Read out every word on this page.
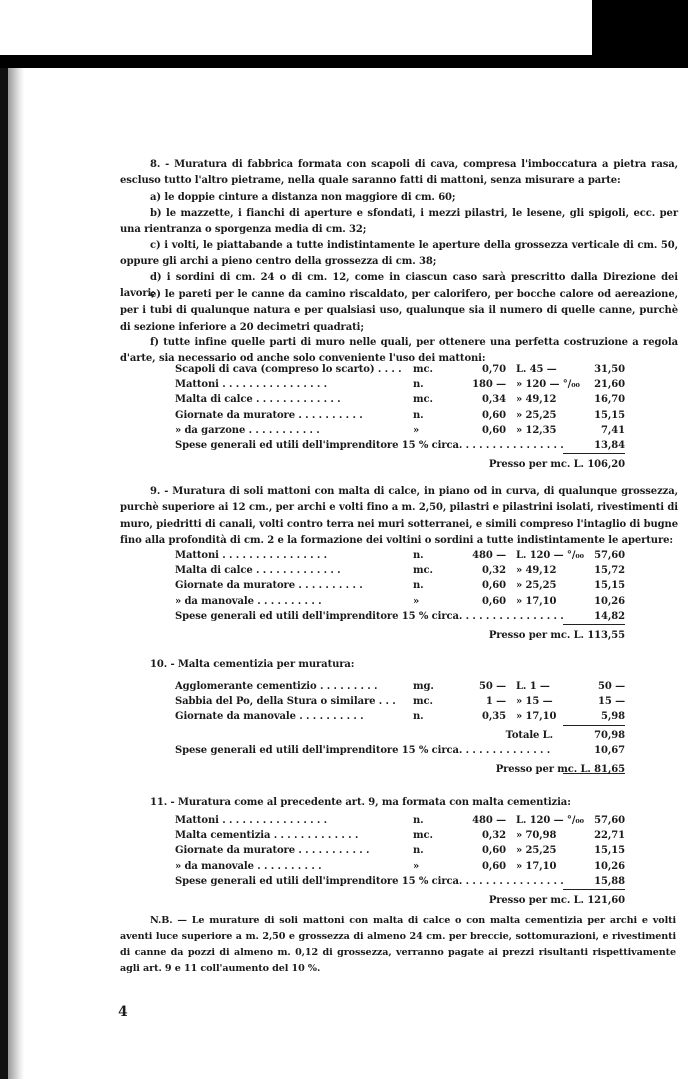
8. - Muratura di fabbrica formata con scapoli di cava, compresa l'imboccatura a pietra rasa, escluso tutto l'altro pietrame, nella quale saranno fatti di mattoni, senza misurare a parte:
a) le doppie cinture a distanza non maggiore di cm. 60;
b) le mazzette, i fianchi di aperture e sfondati, i mezzi pilastri, le lesene, gli spigoli, ecc. per una rientranza o sporgenza media di cm. 32;
c) i volti, le piattabande a tutte indistintamente le aperture della grossezza verticale di cm. 50, oppure gli archi a pieno centro della grossezza di cm. 38;
d) i sordini di cm. 24 o di cm. 12, come in ciascun caso sarà prescritto dalla Direzione dei lavori;
e) le pareti per le canne da camino riscaldato, per calorifero, per bocche calore od aereazione, per i tubi di qualunque natura e per qualsiasi uso, qualunque sia il numero di quelle canne, purchè di sezione inferiore a 20 decimetri quadrati;
f) tutte infine quelle parti di muro nelle quali, per ottenere una perfetta costruzione a regola d'arte, sia necessario od anche solo conveniente l'uso dei mattoni:
Scapoli di cava (compreso lo scarto) . . . . mc.	0,70 L. 45 —	31,50
Mattoni . . . . . . . . . . . . . . . .	n.	180 — » 120 — °/₀₀	21,60
Malta di calce . . . . . . . . . . . . .	mc.	0,34 » 49,12	16,70
Giornate da muratore . . . . . . . . . .	n.	0,60 » 25,25	15,15
» da garzone . . . . . . . . . . .	»	0,60 » 12,35	7,41
Spese generali ed utili dell'imprenditore 15 % circa. . . . . . . . . . . . . . . .	13,84
Presso per mc. L. 106,20
9. - Muratura di soli mattoni con malta di calce, in piano od in curva, di qualunque grossezza, purchè superiore ai 12 cm., per archi e volti fino a m. 2,50, pilastri e pilastrini isolati, rivestimenti di muro, piedritti di canali, volti contro terra nei muri sotterranei, e simili compreso l'intaglio di bugne fino alla profondità di cm. 2 e la formazione dei voltini o sordini a tutte indistintamente le aperture:
Mattoni . . . . . . . . . . . . . . . .	n.	480 — L. 120 — °/₀₀	57,60
Malta di calce . . . . . . . . . . . . .	mc.	0,32 » 49,12	15,72
Giornate da muratore . . . . . . . . . .	n.	0,60 » 25,25	15,15
» da manovale . . . . . . . . . .	»	0,60 » 17,10	10,26
Spese generali ed utili dell'imprenditore 15 % circa. . . . . . . . . . . . . . . .	14,82
Presso per mc. L. 113,55
10. - Malta cementizia per muratura:
Agglomerante cementizio . . . . . . . . .	mg.	50 — L. 1 —	50 —
Sabbia del Po, della Stura o similare . . . mc.	1 — » 15 —	15 —
Giornate da manovale . . . . . . . . . .	n.	0,35 » 17,10	5,98
Totale L.	70,98
Spese generali ed utili dell'imprenditore 15 % circa. . . . . . . . . . . . . .	10,67
Presso per mc. L. 81,65
11. - Muratura come al precedente art. 9, ma formata con malta cementizia:
Mattoni . . . . . . . . . . . . . . . .	n.	480 — L. 120 — °/₀₀	57,60
Malta cementizia . . . . . . . . . . . . .	mc.	0,32 » 70,98	22,71
Giornate da muratore . . . . . . . . . . .	n.	0,60 » 25,25	15,15
» da manovale . . . . . . . . . .	»	0,60 » 17,10	10,26
Spese generali ed utili dell'imprenditore 15 % circa. . . . . . . . . . . . . . . .	15,88
Presso per mc. L. 121,60
N.B. — Le murature di soli mattoni con malta di calce o con malta cementizia per archi e volti aventi luce superiore a m. 2,50 e grossezza di almeno 24 cm. per breccie, sottomurazioni, e rivestimenti di canne da pozzi di almeno m. 0,12 di grossezza, verranno pagate ai prezzi risultanti rispettivamente agli art. 9 e 11 coll'aumento del 10 %.
4
